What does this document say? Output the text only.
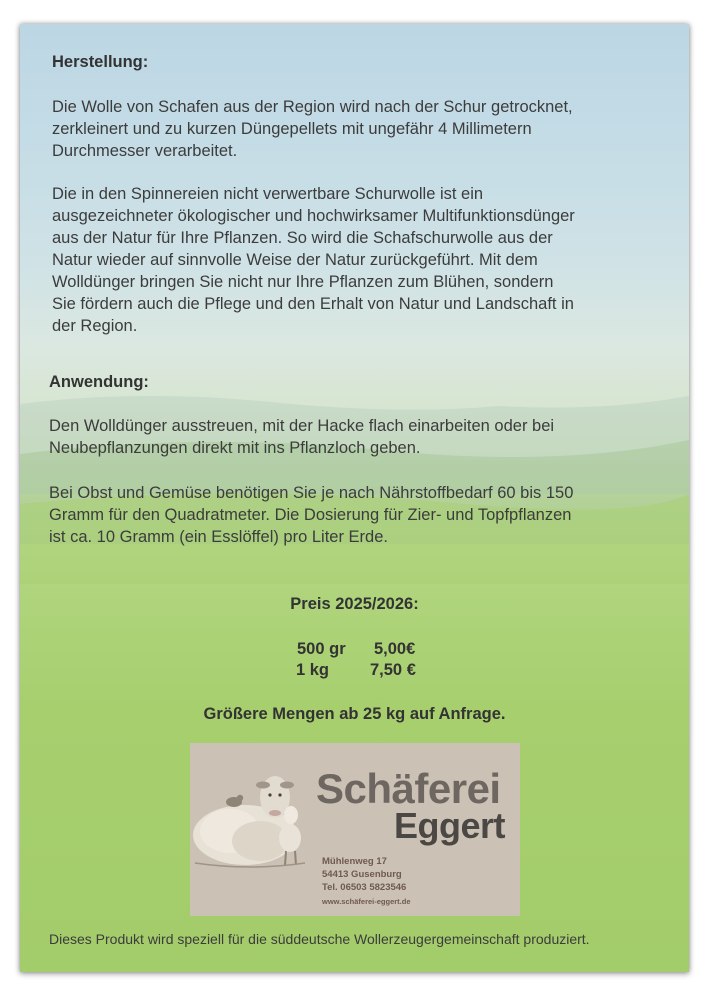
Herstellung:
Die Wolle von Schafen aus der Region wird nach der Schur getrocknet,
zerkleinert und zu kurzen Düngepellets mit ungefähr 4 Millimetern
Durchmesser verarbeitet.
Die in den Spinnereien nicht verwertbare Schurwolle ist ein
ausgezeichneter ökologischer und hochwirksamer Multifunktionsdünger
aus der Natur für Ihre Pflanzen. So wird die Schafschurwolle aus der
Natur wieder auf sinnvolle Weise der Natur zurückgeführt. Mit dem
Wolldünger bringen Sie nicht nur Ihre Pflanzen zum Blühen, sondern
Sie fördern auch die Pflege und den Erhalt von Natur und Landschaft in
der Region.
Anwendung:
Den Wolldünger ausstreuen, mit der Hacke flach einarbeiten oder bei
Neubepflanzungen direkt mit ins Pflanzloch geben.
Bei Obst und Gemüse benötigen Sie je nach Nährstoffbedarf 60 bis 150
Gramm für den Quadratmeter. Die Dosierung für Zier- und Topfpflanzen
ist ca. 10 Gramm (ein Esslöffel) pro Liter Erde.
Preis 2025/2026:
500 gr 5,00€
1 kg 7,50 €
Größere Mengen ab 25 kg auf Anfrage.
Schäferei
Eggert
Mühlenweg 17
54413 Gusenburg
Tel. 06503 5823546
www.schäferei-eggert.de
Dieses Produkt wird speziell für die süddeutsche Wollerzeugergemeinschaft produziert.
